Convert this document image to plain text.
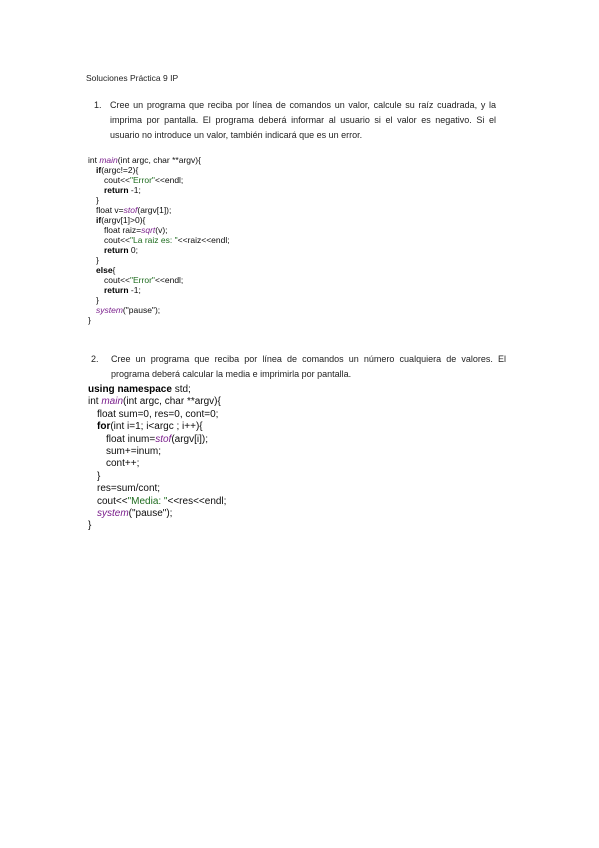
Soluciones Práctica 9 IP
1. Cree un programa que reciba por línea de comandos un valor, calcule su raíz cuadrada, y la imprima por pantalla. El programa deberá informar al usuario si el valor es negativo. Si el usuario no introduce un valor, también indicará que es un error.
int main(int argc, char **argv){
if(argc!=2){
cout<<"Error"<<endl;
return -1;
}
float v=stof(argv[1]);
if(argv[1]>0){
float raiz=sqrt(v);
cout<<"La raiz es: "<<raiz<<endl;
return 0;
}
else{
cout<<"Error"<<endl;
return -1;
}
system("pause");
}
2. Cree un programa que reciba por línea de comandos un número cualquiera de valores. El programa deberá calcular la media e imprimirla por pantalla.
using namespace std;
int main(int argc, char **argv){
float sum=0, res=0, cont=0;
for(int i=1; i<argc ; i++){
float inum=stof(argv[i]);
sum+=inum;
cont++;
}
res=sum/cont;
cout<<"Media: "<<res<<endl;
system("pause");
}
